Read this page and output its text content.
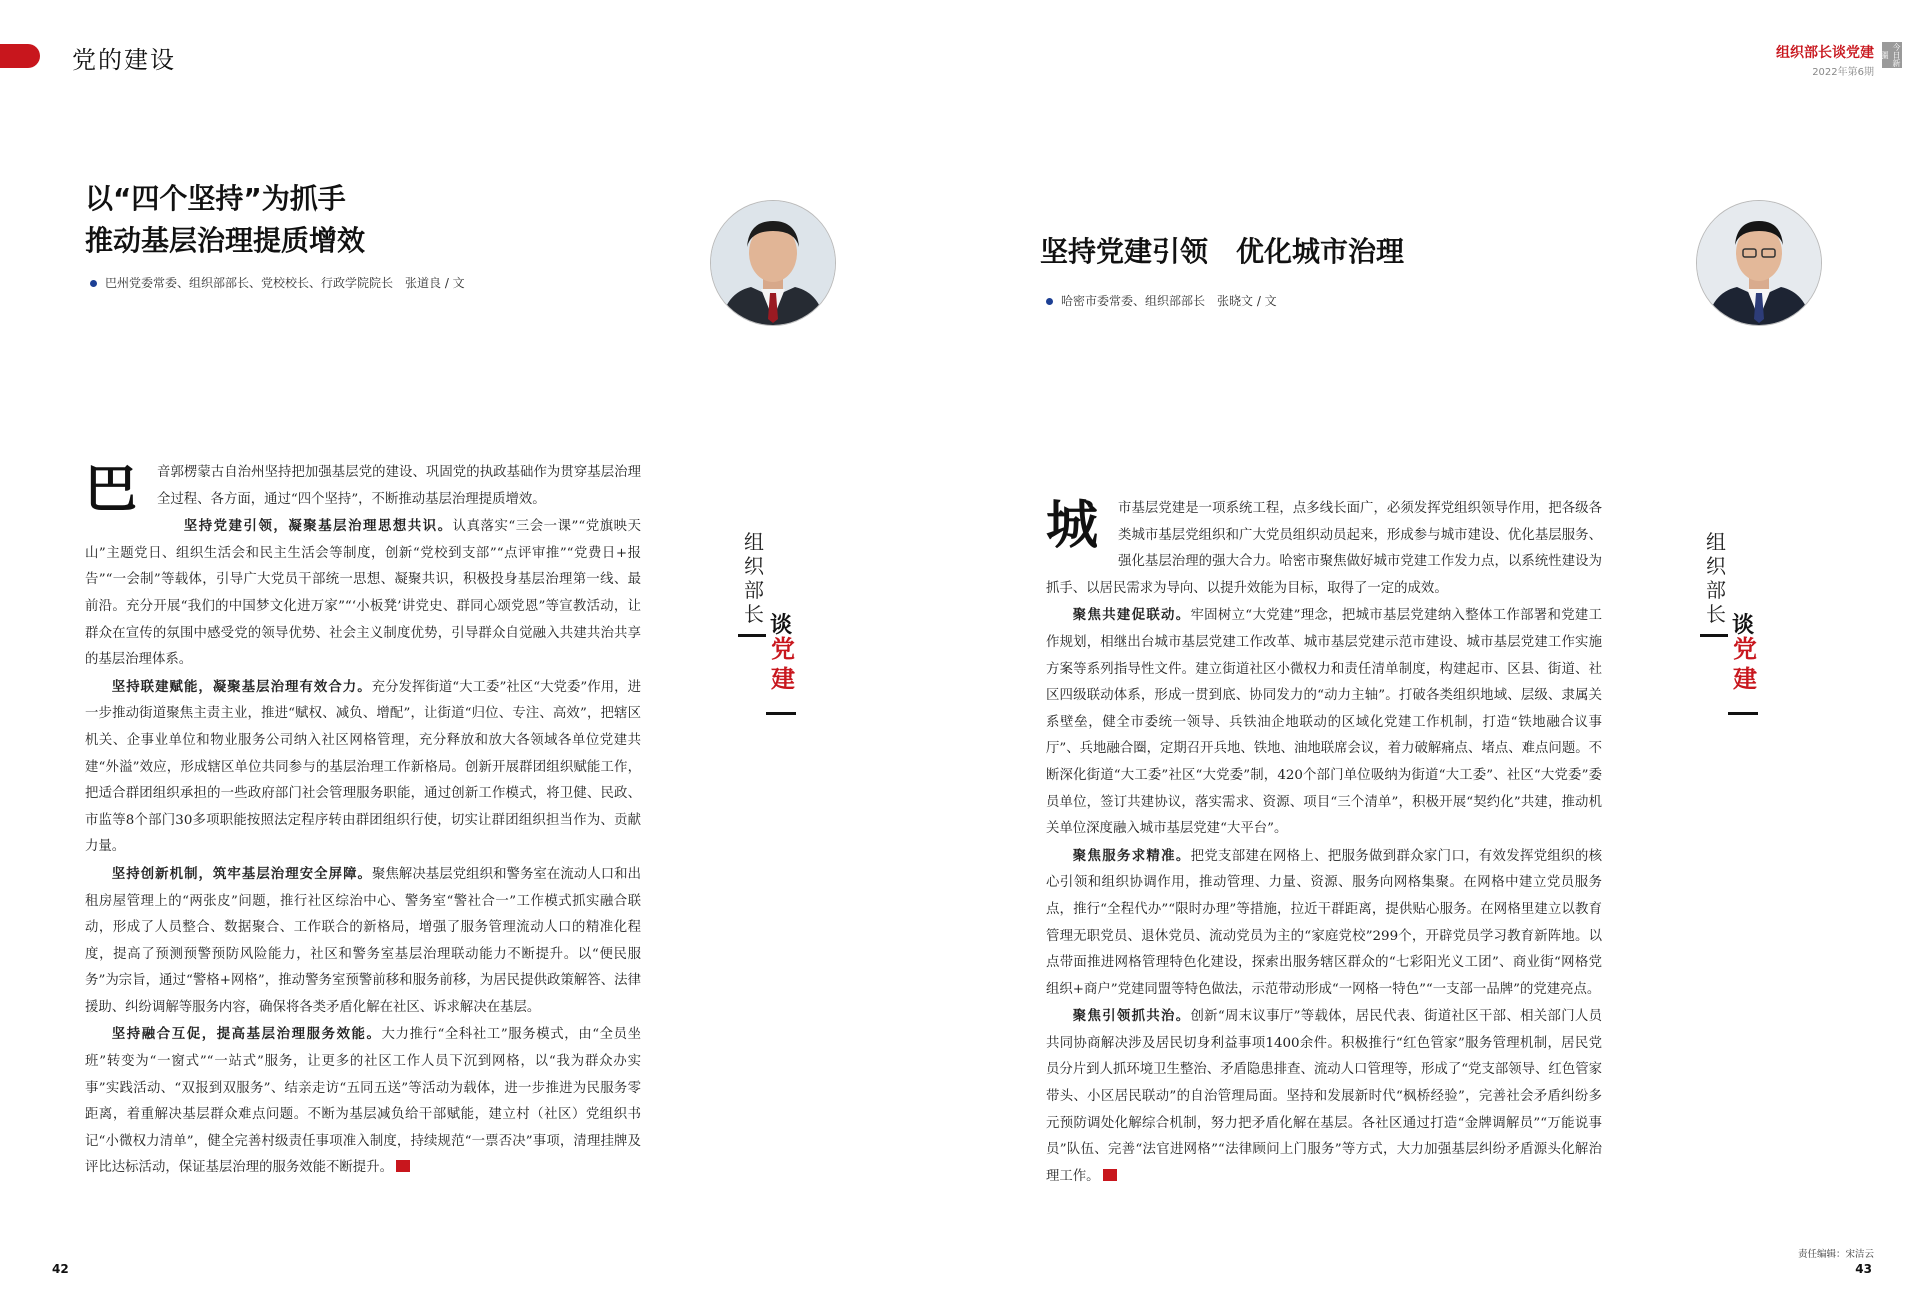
党的建设	组织部长谈党建
2022年第6期
今日新疆
以“四个坚持”为抓手
推动基层治理提质增效
巴州党委常委、组织部部长、党校校长、行政学院院长　张道良 / 文
组织部长 谈
党建

巴	音郭楞蒙古自治州坚持把加强基层党的建设、巩固党的执政基础作为贯穿基层治理全过程、各方面，通过“四个坚持”，不断推动基层治理提质增效。

坚持党建引领，凝聚基层治理思想共识。认真落实“三会一课”“党旗映天山”主题党日、组织生活会和民主生活会等制度，创新“党校到支部”“点评审推”“党费日+报告”“一会制”等载体，引导广大党员干部统一思想、凝聚共识，积极投身基层治理第一线、最前沿。充分开展“我们的中国梦文化进万家”“‘小板凳’讲党史、群同心颂党恩”等宣教活动，让群众在宣传的氛围中感受党的领导优势、社会主义制度优势，引导群众自觉融入共建共治共享的基层治理体系。

坚持联建赋能，凝聚基层治理有效合力。充分发挥街道“大工委”社区“大党委”作用，进一步推动街道聚焦主责主业，推进“赋权、减负、增配”，让街道“归位、专注、高效”，把辖区机关、企事业单位和物业服务公司纳入社区网格管理，充分释放和放大各领域各单位党建共建“外溢”效应，形成辖区单位共同参与的基层治理工作新格局。创新开展群团组织赋能工作，把适合群团组织承担的一些政府部门社会管理服务职能，通过创新工作模式，将卫健、民政、市监等8个部门30多项职能按照法定程序转由群团组织行使，切实让群团组织担当作为、贡献力量。

坚持创新机制，筑牢基层治理安全屏障。聚焦解决基层党组织和警务室在流动人口和出租房屋管理上的“两张皮”问题，推行社区综治中心、警务室“警社合一”工作模式抓实融合联动，形成了人员整合、数据聚合、工作联合的新格局，增强了服务管理流动人口的精准化程度，提高了预测预警预防风险能力，社区和警务室基层治理联动能力不断提升。以“便民服务”为宗旨，通过“警格+网格”，推动警务室预警前移和服务前移，为居民提供政策解答、法律援助、纠纷调解等服务内容，确保将各类矛盾化解在社区、诉求解决在基层。

坚持融合互促，提高基层治理服务效能。大力推行“全科社工”服务模式，由“全员坐班”转变为“一窗式”“一站式”服务，让更多的社区工作人员下沉到网格，以“我为群众办实事”实践活动、“双报到双服务”、结亲走访“五同五送”等活动为载体，进一步推进为民服务零距离，着重解决基层群众难点问题。不断为基层减负给干部赋能，建立村（社区）党组织书记“小微权力清单”，健全完善村级责任事项准入制度，持续规范“一票否决”事项，清理挂牌及评比达标活动，保证基层治理的服务效能不断提升。

坚持党建引领　优化城市治理
哈密市委常委、组织部部长　张晓文 / 文
组织部长 谈
党建

城	市基层党建是一项系统工程，点多线长面广，必须发挥党组织领导作用，把各级各类城市基层党组织和广大党员组织动员起来，形成参与城市建设、优化基层服务、强化基层治理的强大合力。哈密市聚焦做好城市党建工作发力点，以系统性建设为抓手、以居民需求为导向、以提升效能为目标，取得了一定的成效。

聚焦共建促联动。牢固树立“大党建”理念，把城市基层党建纳入整体工作部署和党建工作规划，相继出台城市基层党建工作改革、城市基层党建示范市建设、城市基层党建工作实施方案等系列指导性文件。建立街道社区小微权力和责任清单制度，构建起市、区县、街道、社区四级联动体系，形成一贯到底、协同发力的“动力主轴”。打破各类组织地域、层级、隶属关系壁垒，健全市委统一领导、兵铁油企地联动的区域化党建工作机制，打造“铁地融合议事厅”、兵地融合圈，定期召开兵地、铁地、油地联席会议，着力破解痛点、堵点、难点问题。不断深化街道“大工委”社区“大党委”制，420个部门单位吸纳为街道“大工委”、社区“大党委”委员单位，签订共建协议，落实需求、资源、项目“三个清单”，积极开展“契约化”共建，推动机关单位深度融入城市基层党建“大平台”。

聚焦服务求精准。把党支部建在网格上、把服务做到群众家门口，有效发挥党组织的核心引领和组织协调作用，推动管理、力量、资源、服务向网格集聚。在网格中建立党员服务点，推行“全程代办”“限时办理”等措施，拉近干群距离，提供贴心服务。在网格里建立以教育管理无职党员、退休党员、流动党员为主的“家庭党校”299个，开辟党员学习教育新阵地。以点带面推进网格管理特色化建设，探索出服务辖区群众的“七彩阳光义工团”、商业街“网格党组织+商户”党建同盟等特色做法，示范带动形成“一网格一特色”“一支部一品牌”的党建亮点。

聚焦引领抓共治。创新“周末议事厅”等载体，居民代表、街道社区干部、相关部门人员共同协商解决涉及居民切身利益事项1400余件。积极推行“红色管家”服务管理机制，居民党员分片到人抓环境卫生整治、矛盾隐患排查、流动人口管理等，形成了“党支部领导、红色管家带头、小区居民联动”的自治管理局面。坚持和发展新时代“枫桥经验”，完善社会矛盾纠纷多元预防调处化解综合机制，努力把矛盾化解在基层。各社区通过打造“金牌调解员”“万能说事员”队伍、完善“法官进网格”“法律顾问上门服务”等方式，大力加强基层纠纷矛盾源头化解治理工作。

42
责任编辑：宋洁云
43
